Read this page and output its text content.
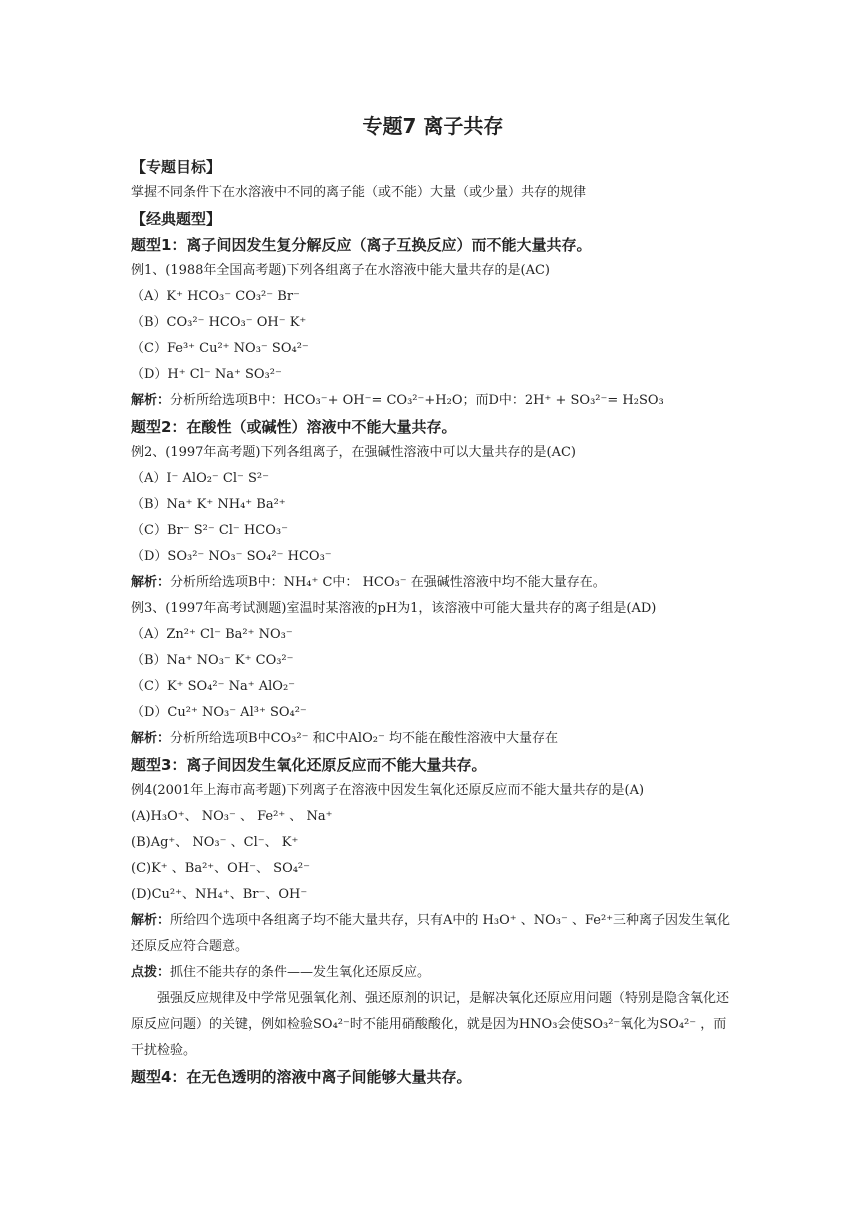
专题7 离子共存
【专题目标】
掌握不同条件下在水溶液中不同的离子能（或不能）大量（或少量）共存的规律
【经典题型】
题型1：离子间因发生复分解反应（离子互换反应）而不能大量共存。
例1、(1988年全国高考题)下列各组离子在水溶液中能大量共存的是(AC)
（A）K⁺ HCO₃⁻ CO₃²⁻ Br⁻
（B）CO₃²⁻ HCO₃⁻ OH⁻ K⁺
（C）Fe³⁺ Cu²⁺ NO₃⁻ SO₄²⁻
（D）H⁺ Cl⁻ Na⁺ SO₃²⁻
解析：分析所给选项B中：HCO₃⁻+ OH⁻= CO₃²⁻+H₂O；而D中：2H⁺ + SO₃²⁻= H₂SO₃
题型2：在酸性（或碱性）溶液中不能大量共存。
例2、(1997年高考题)下列各组离子，在强碱性溶液中可以大量共存的是(AC)
（A）I⁻ AlO₂⁻ Cl⁻ S²⁻
（B）Na⁺ K⁺ NH₄⁺ Ba²⁺
（C）Br⁻ S²⁻ Cl⁻ HCO₃⁻
（D）SO₃²⁻ NO₃⁻ SO₄²⁻ HCO₃⁻
解析：分析所给选项B中：NH₄⁺ C中： HCO₃⁻ 在强碱性溶液中均不能大量存在。
例3、(1997年高考试测题)室温时某溶液的pH为1，该溶液中可能大量共存的离子组是(AD)
（A）Zn²⁺ Cl⁻ Ba²⁺ NO₃⁻
（B）Na⁺ NO₃⁻ K⁺ CO₃²⁻
（C）K⁺ SO₄²⁻ Na⁺ AlO₂⁻
（D）Cu²⁺ NO₃⁻ Al³⁺ SO₄²⁻
解析：分析所给选项B中CO₃²⁻ 和C中AlO₂⁻ 均不能在酸性溶液中大量存在
题型3：离子间因发生氧化还原反应而不能大量共存。
例4(2001年上海市高考题)下列离子在溶液中因发生氧化还原反应而不能大量共存的是(A)
(A)H₃O⁺、 NO₃⁻ 、 Fe²⁺ 、 Na⁺
(B)Ag⁺、 NO₃⁻ 、Cl⁻、 K⁺
(C)K⁺ 、Ba²⁺、OH⁻、 SO₄²⁻
(D)Cu²⁺、NH₄⁺、Br⁻、OH⁻
解析：所给四个选项中各组离子均不能大量共存，只有A中的 H₃O⁺ 、NO₃⁻ 、Fe²⁺三种离子因发生氧化还原反应符合题意。
点拨：抓住不能共存的条件——发生氧化还原反应。
强强反应规律及中学常见强氧化剂、强还原剂的识记，是解决氧化还原应用问题（特别是隐含氧化还原反应问题）的关键，例如检验SO₄²⁻时不能用硝酸酸化，就是因为HNO₃会使SO₃²⁻氧化为SO₄²⁻ ，而干扰检验。
题型4：在无色透明的溶液中离子间能够大量共存。
